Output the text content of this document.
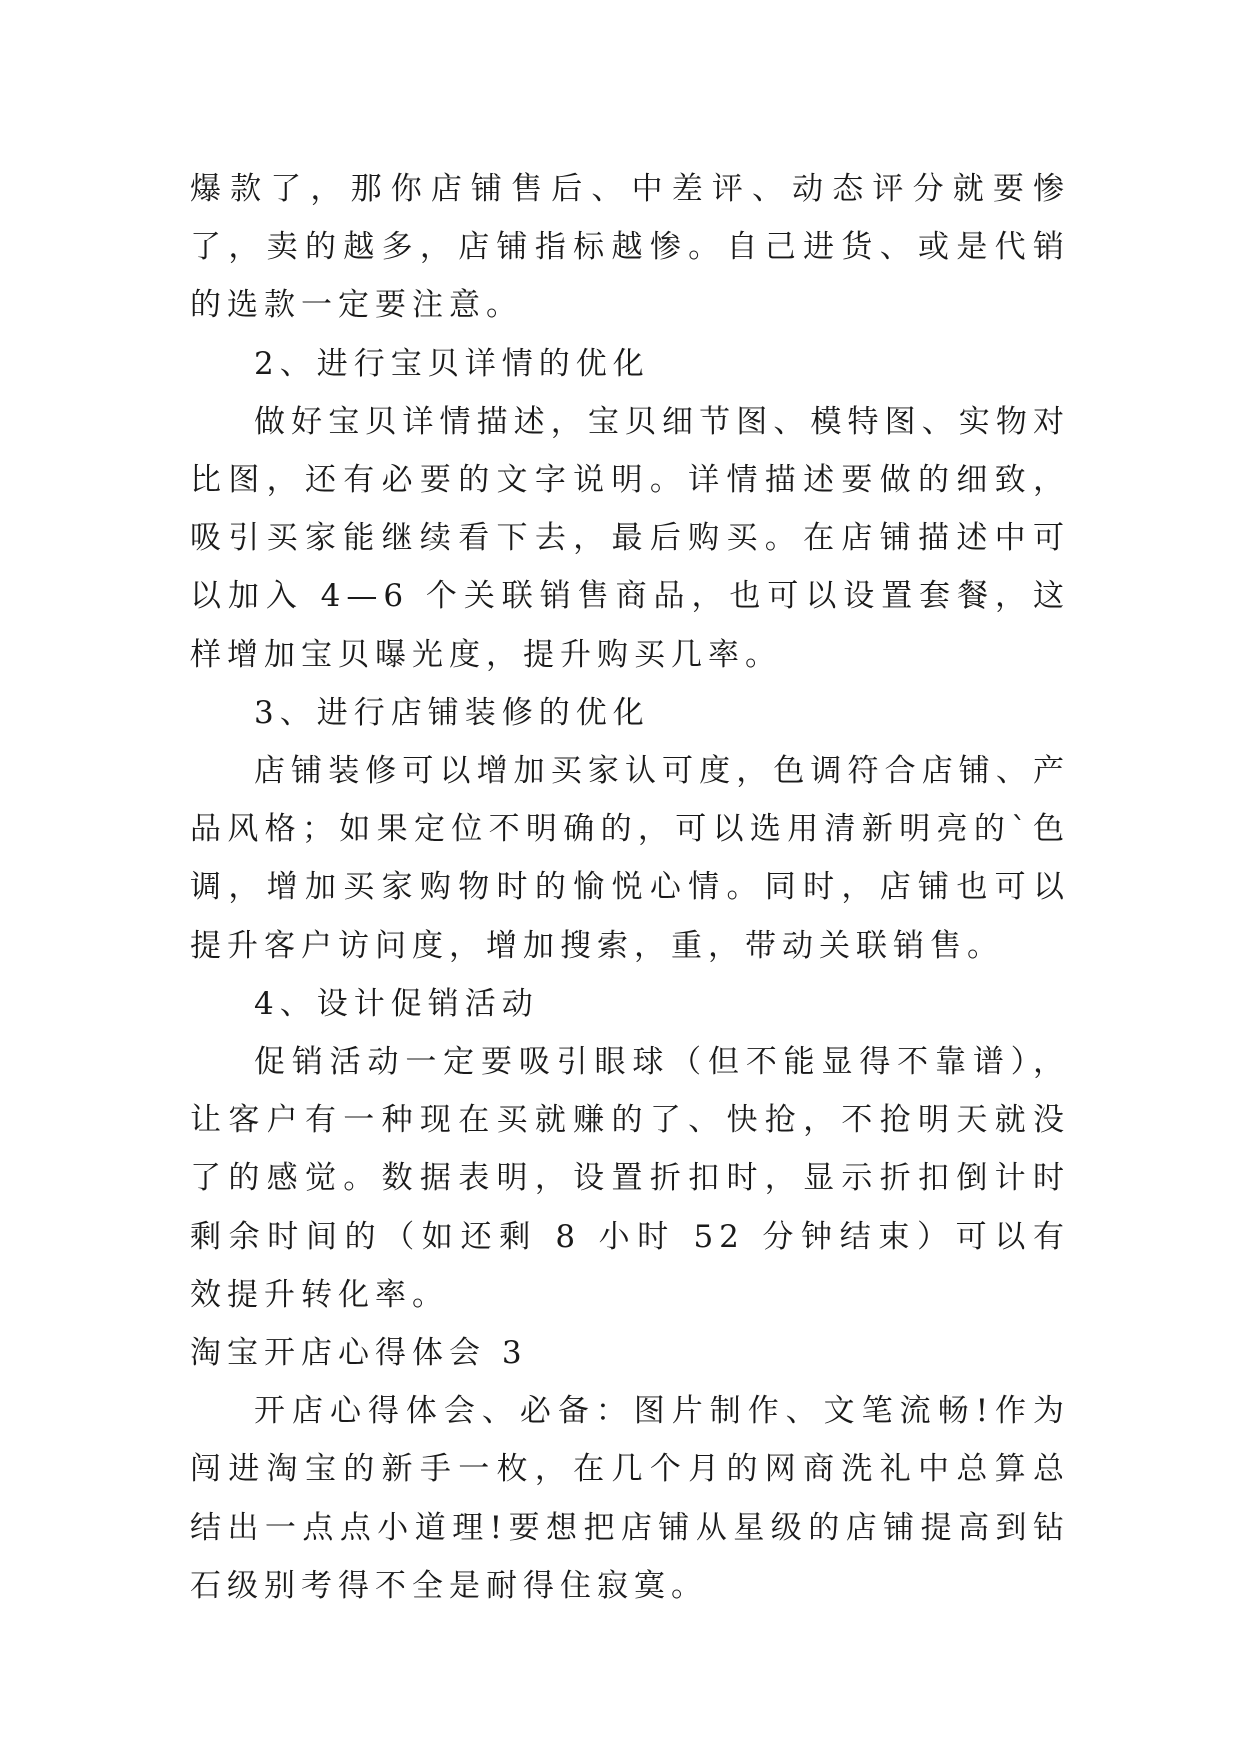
爆款了，那你店铺售后、中差评、动态评分就要惨了，卖的越多，店铺指标越惨。自己进货、或是代销的选款一定要注意。

2、进行宝贝详情的优化

做好宝贝详情描述，宝贝细节图、模特图、实物对比图，还有必要的文字说明。详情描述要做的细致，吸引买家能继续看下去，最后购买。在店铺描述中可以加入 4—6 个关联销售商品，也可以设置套餐，这样增加宝贝曝光度，提升购买几率。

3、进行店铺装修的优化

店铺装修可以增加买家认可度，色调符合店铺、产品风格；如果定位不明确的，可以选用清新明亮的`色调，增加买家购物时的愉悦心情。同时，店铺也可以提升客户访问度，增加搜索，重，带动关联销售。

4、设计促销活动

促销活动一定要吸引眼球（但不能显得不靠谱），让客户有一种现在买就赚的了、快抢，不抢明天就没了的感觉。数据表明，设置折扣时，显示折扣倒计时剩余时间的（如还剩 8 小时 52 分钟结束）可以有效提升转化率。

淘宝开店心得体会 3

开店心得体会、必备：图片制作、文笔流畅!作为闯进淘宝的新手一枚，在几个月的网商洗礼中总算总结出一点点小道理!要想把店铺从星级的店铺提高到钻石级别考得不全是耐得住寂寞。
